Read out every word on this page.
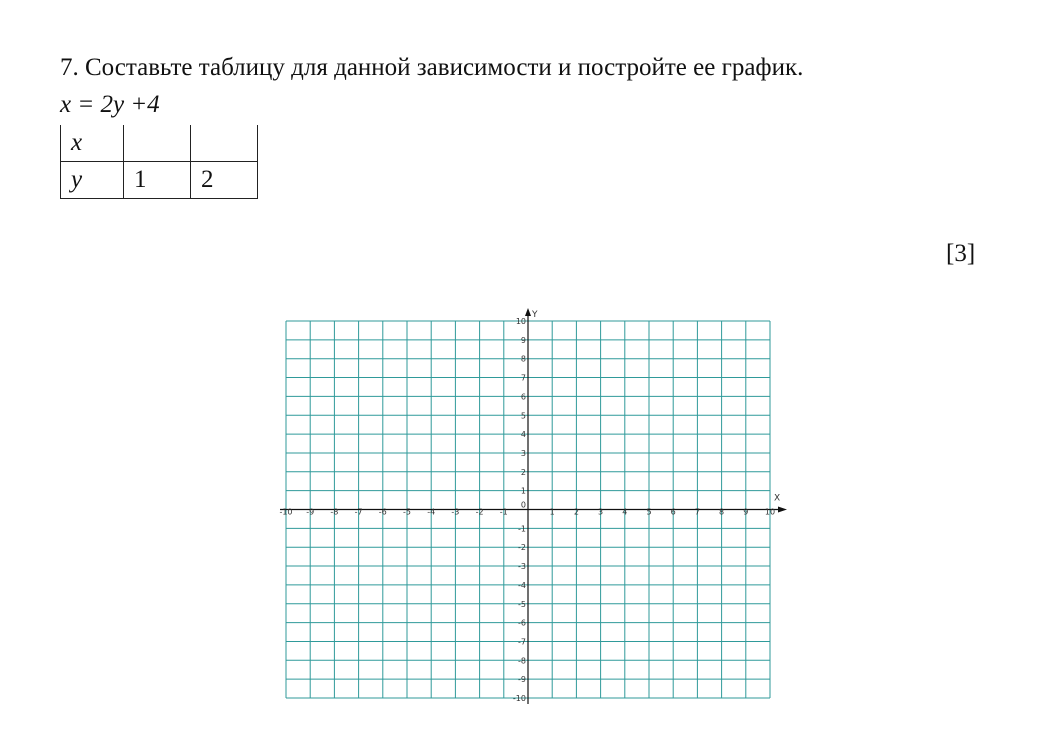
7. Составьте таблицу для данной зависимости и постройте ее график.
x = 2y +4
x		
y	1	2
[3]
X
Y
-10 -9 -8 -7 -6 -5 -4 -3 -2 -1	1 2 3 4 5 6 7 8 9 10
10
9
8
7
6
5
4
3
2
1
-1
-2
-3
-4
-5
-6
-7
-8
-9
-10
0
